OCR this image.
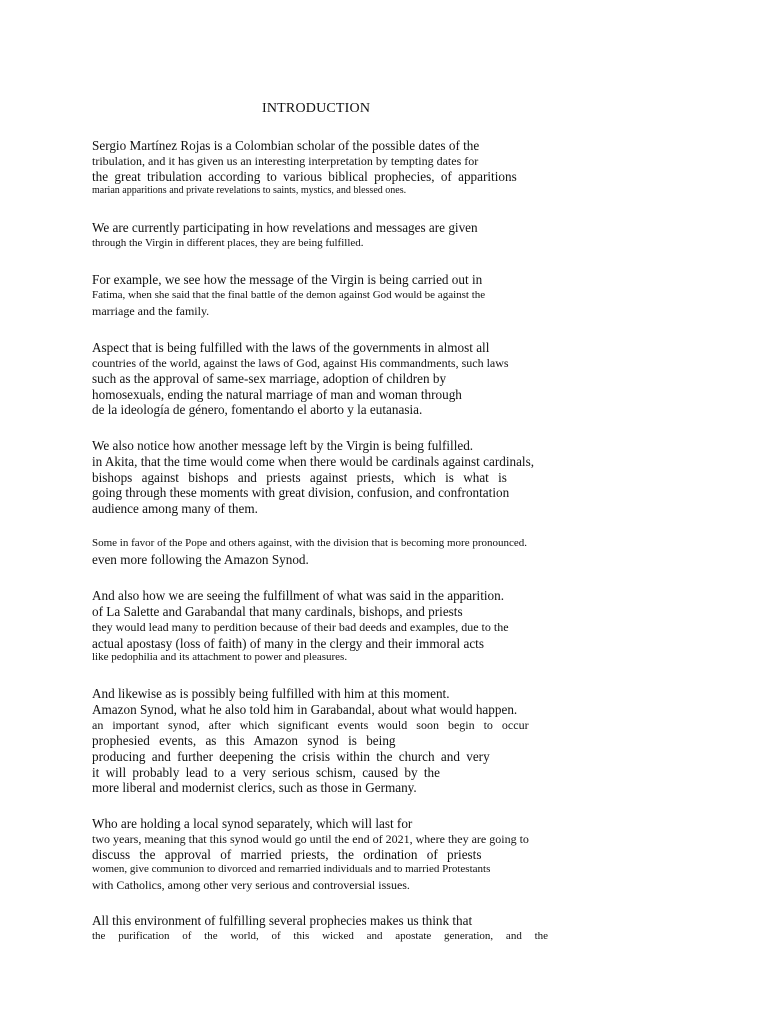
INTRODUCTION
Sergio Martínez Rojas is a Colombian scholar of the possible dates of the
tribulation, and it has given us an interesting interpretation by tempting dates for
the great tribulation according to various biblical prophecies, of apparitions
marian apparitions and private revelations to saints, mystics, and blessed ones.
We are currently participating in how revelations and messages are given
through the Virgin in different places, they are being fulfilled.
For example, we see how the message of the Virgin is being carried out in
Fatima, when she said that the final battle of the demon against God would be against the
marriage and the family.
Aspect that is being fulfilled with the laws of the governments in almost all
countries of the world, against the laws of God, against His commandments, such laws
such as the approval of same-sex marriage, adoption of children by
homosexuals, ending the natural marriage of man and woman through
de la ideología de género, fomentando el aborto y la eutanasia.
We also notice how another message left by the Virgin is being fulfilled.
in Akita, that the time would come when there would be cardinals against cardinals,
bishops against bishops and priests against priests, which is what is
going through these moments with great division, confusion, and confrontation
audience among many of them.
Some in favor of the Pope and others against, with the division that is becoming more pronounced.
even more following the Amazon Synod.
And also how we are seeing the fulfillment of what was said in the apparition.
of La Salette and Garabandal that many cardinals, bishops, and priests
they would lead many to perdition because of their bad deeds and examples, due to the
actual apostasy (loss of faith) of many in the clergy and their immoral acts
like pedophilia and its attachment to power and pleasures.
And likewise as is possibly being fulfilled with him at this moment.
Amazon Synod, what he also told him in Garabandal, about what would happen.
an important synod, after which significant events would soon begin to occur
prophesied events, as this Amazon synod is being
producing and further deepening the crisis within the church and very
it will probably lead to a very serious schism, caused by the
more liberal and modernist clerics, such as those in Germany.
Who are holding a local synod separately, which will last for
two years, meaning that this synod would go until the end of 2021, where they are going to
discuss the approval of married priests, the ordination of priests
women, give communion to divorced and remarried individuals and to married Protestants
with Catholics, among other very serious and controversial issues.
All this environment of fulfilling several prophecies makes us think that
the purification of the world, of this wicked and apostate generation, and the
